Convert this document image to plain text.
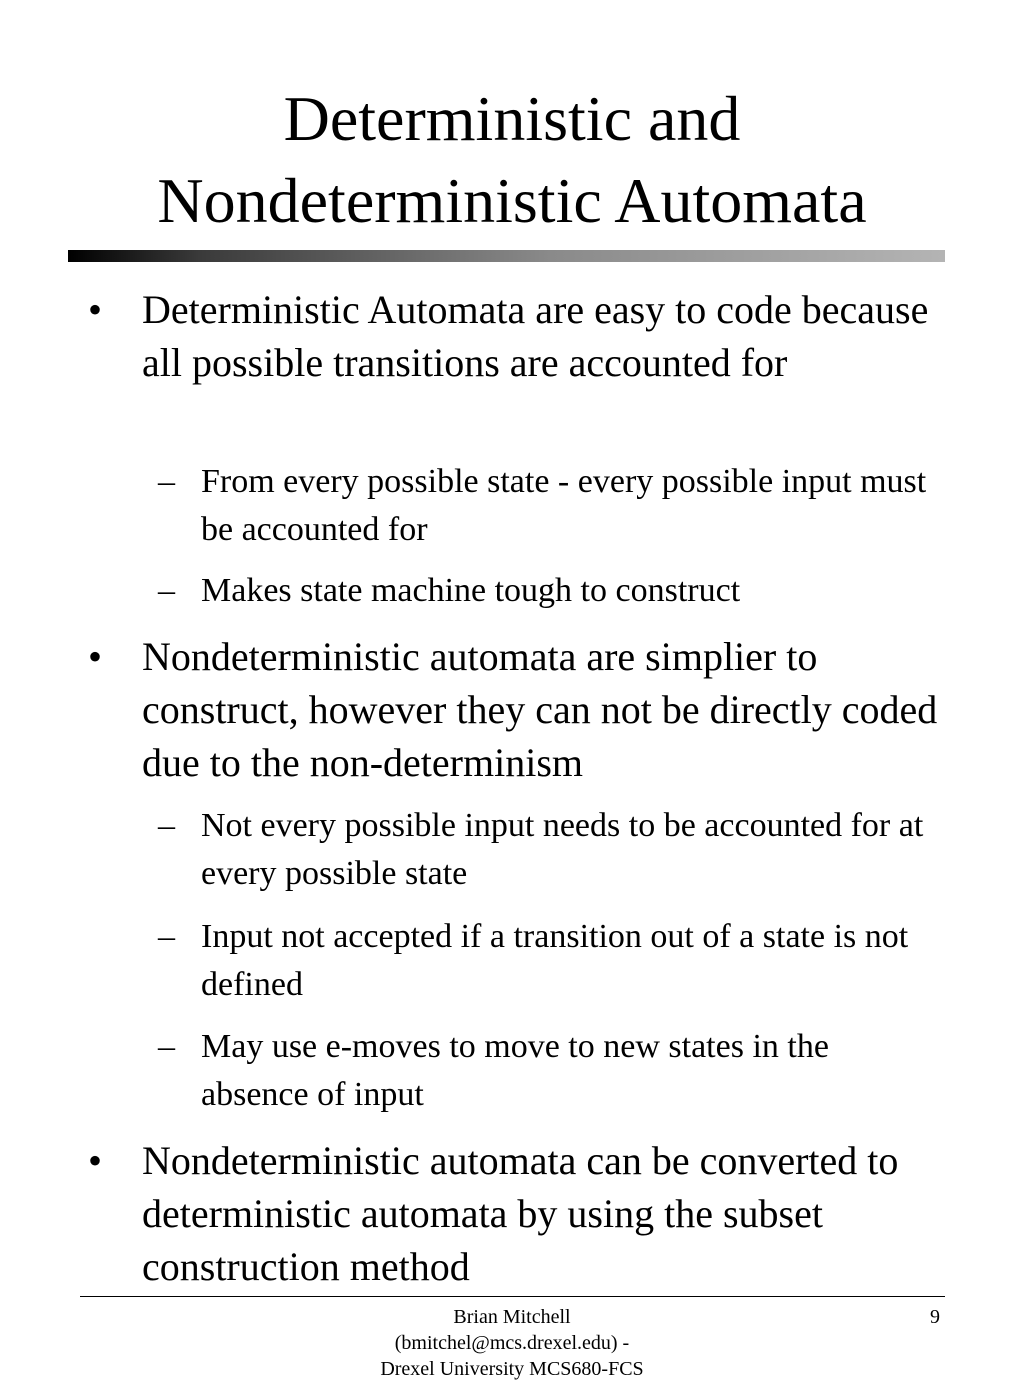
Deterministic and
Nondeterministic Automata
• Deterministic Automata are easy to code because all possible transitions are accounted for
– From every possible state - every possible input must be accounted for
– Makes state machine tough to construct
• Nondeterministic automata are simplier to construct, however they can not be directly coded due to the non-determinism
– Not every possible input needs to be accounted for at every possible state
– Input not accepted if a transition out of a state is not defined
– May use e-moves to move to new states in the absence of input
• Nondeterministic automata can be converted to deterministic automata by using the subset construction method
Brian Mitchell
(bmitchel@mcs.drexel.edu) -
Drexel University MCS680-FCS
9
